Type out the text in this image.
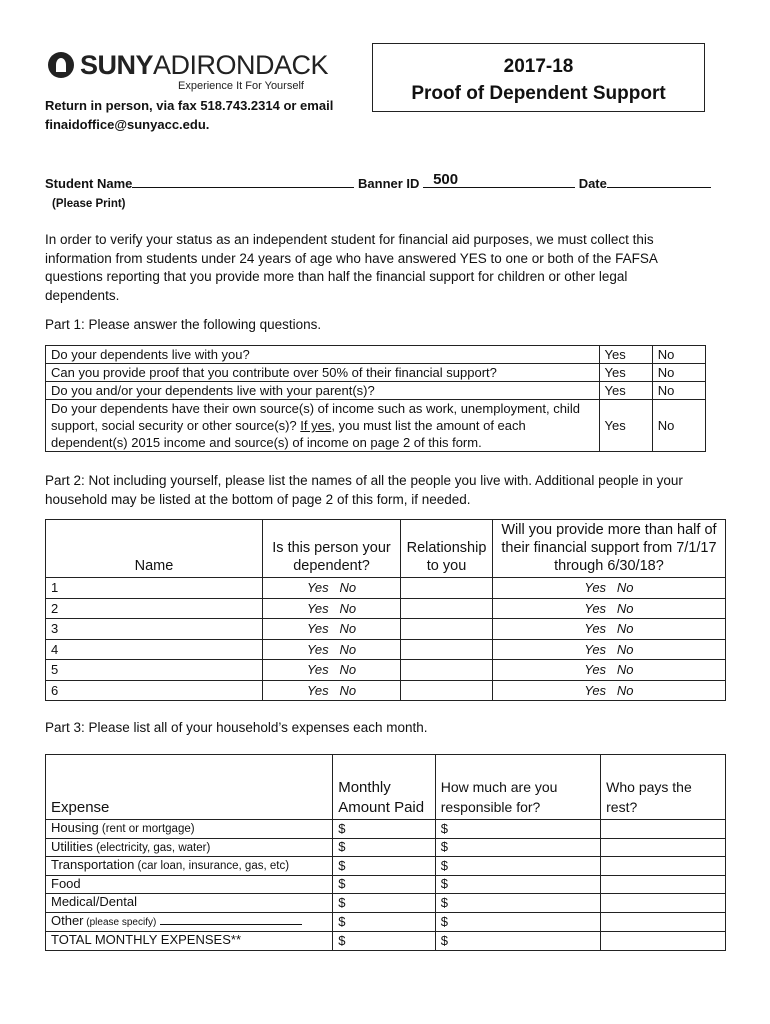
SUNYADIRONDACK
Experience It For Yourself
Return in person, via fax 518.743.2314 or email
finaidoffice@sunyacc.edu.
2017-18
Proof of Dependent Support
Student Name	Banner ID 500	Date
(Please Print)
In order to verify your status as an independent student for financial aid purposes, we must collect this information from students under 24 years of age who have answered YES to one or both of the FAFSA questions reporting that you provide more than half the financial support for children or other legal dependents.
Part 1: Please answer the following questions.
Do your dependents live with you?	Yes	No
Can you provide proof that you contribute over 50% of their financial support?	Yes	No
Do you and/or your dependents live with your parent(s)?	Yes	No
Do your dependents have their own source(s) of income such as work, unemployment, child support, social security or other source(s)? If yes, you must list the amount of each dependent(s) 2015 income and source(s) of income on page 2 of this form.	Yes	No
Part 2: Not including yourself, please list the names of all the people you live with. Additional people in your household may be listed at the bottom of page 2 of this form, if needed.
Name	Is this person your dependent?	Relationship to you	Will you provide more than half of their financial support from 7/1/17 through 6/30/18?
1	Yes No		Yes No
2	Yes No		Yes No
3	Yes No		Yes No
4	Yes No		Yes No
5	Yes No		Yes No
6	Yes No		Yes No
Part 3: Please list all of your household’s expenses each month.
Expense	Monthly Amount Paid	How much are you responsible for?	Who pays the rest?
Housing (rent or mortgage)	$	$	
Utilities (electricity, gas, water)	$	$	
Transportation (car loan, insurance, gas, etc)	$	$	
Food	$	$	
Medical/Dental	$	$	
Other (please specify)	$	$	
TOTAL MONTHLY EXPENSES**	$	$	
